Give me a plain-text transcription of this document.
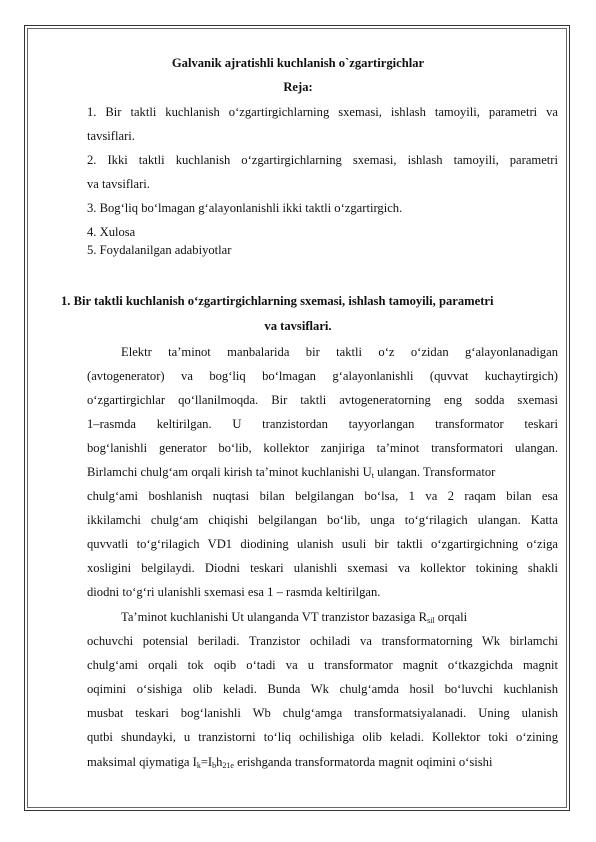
Galvanik ajratishli kuchlanish o`zgartirgichlar
Reja:
1. Bir taktli kuchlanish o‘zgartirgichlarning sxemasi, ishlash tamoyili, parametri va
tavsiflari.
2. Ikki taktli kuchlanish o‘zgartirgichlarning sxemasi, ishlash tamoyili, parametri
va tavsiflari.
3. Bog‘liq bo‘lmagan g‘alayonlanishli ikki taktli o‘zgartirgich.
4. Xulosa
5. Foydalanilgan adabiyotlar
1. Bir taktli kuchlanish o‘zgartirgichlarning sxemasi, ishlash tamoyili, parametri
va tavsiflari.
Elektr ta’minot manbalarida bir taktli o‘z o‘zidan g‘alayonlanadigan
(avtogenerator) va bog‘liq bo‘lmagan g‘alayonlanishli (quvvat kuchaytirgich)
o‘zgartirgichlar qo‘llanilmoqda. Bir taktli avtogeneratorning eng sodda sxemasi
1–rasmda keltirilgan. U tranzistordan tayyorlangan transformator teskari
bog‘lanishli generator bo‘lib, kollektor zanjiriga ta’minot transformatori ulangan.
Birlamchi chulg‘am orqali kirish ta’minot kuchlanishi $U_t$ ulangan. Transformator
chulg‘ami boshlanish nuqtasi bilan belgilangan bo‘lsa, 1 va 2 raqam bilan esa
ikkilamchi chulg‘am chiqishi belgilangan bo‘lib, unga to‘g‘rilagich ulangan. Katta
quvvatli to‘g‘rilagich VD1 diodining ulanish usuli bir taktli o‘zgartirgichning o‘ziga
xosligini belgilaydi. Diodni teskari ulanishli sxemasi va kollektor tokining shakli
diodni to‘g‘ri ulanishli sxemasi esa 1 – rasmda keltirilgan.
Ta’minot kuchlanishi Ut ulanganda VT tranzistor bazasiga $R_{sil}$ orqali
ochuvchi potensial beriladi. Tranzistor ochiladi va transformatorning Wk birlamchi
chulg‘ami orqali tok oqib o‘tadi va u transformator magnit o‘tkazgichda magnit
oqimini o‘sishiga olib keladi. Bunda Wk chulg‘amda hosil bo‘luvchi kuchlanish
musbat teskari bog‘lanishli Wb chulg‘amga transformatsiyalanadi. Uning ulanish
qutbi shundayki, u tranzistorni to‘liq ochilishiga olib keladi. Kollektor toki o‘zining
maksimal qiymatiga $I_k=I_bh_{21e}$ erishganda transformatorda magnit oqimini o‘sishi
